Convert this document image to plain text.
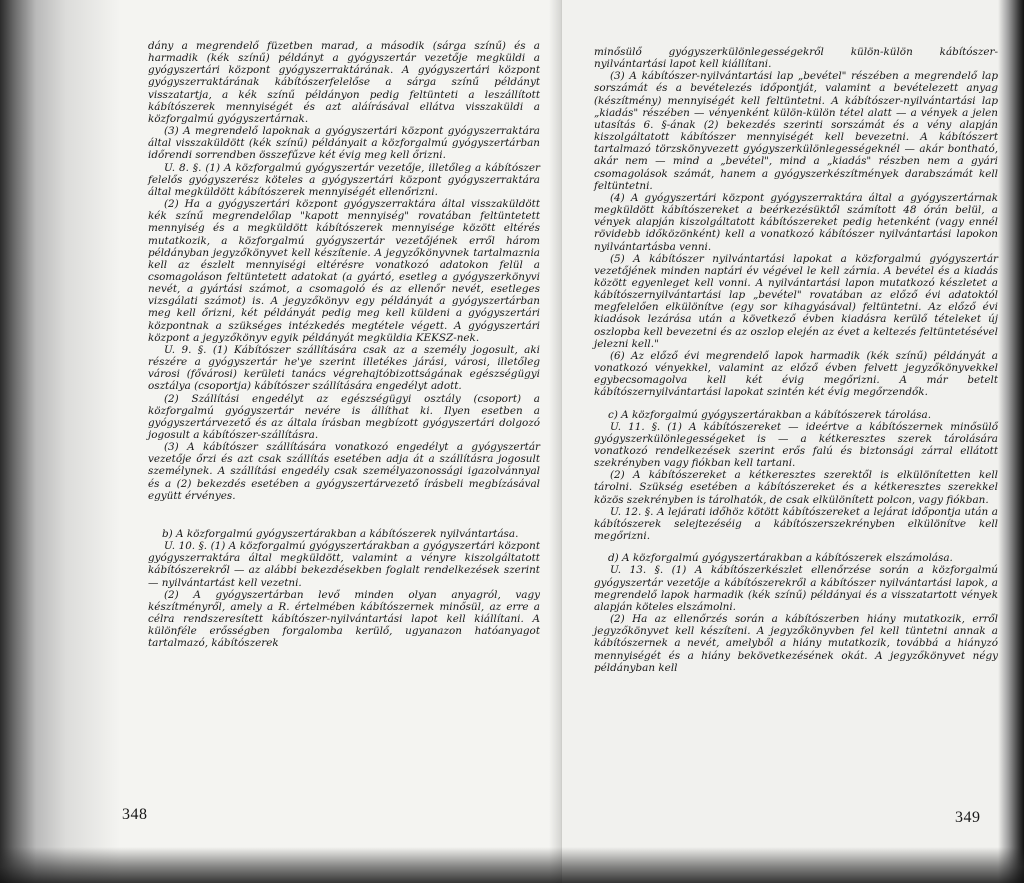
dány a megrendelő füzetben marad, a második (sárga színű) és a harmadik (kék színű) példányt a gyógyszertár vezetője megküldi a gyógyszertári központ gyógyszerraktárának. A gyógyszertári központ gyógyszerraktárának kábítószerfelelőse a sárga színű példányt visszatartja, a kék színű példányon pedig feltünteti a leszállított kábítószerek mennyiségét és azt aláírásával ellátva visszaküldi a közforgalmú gyógyszertárnak.

(3) A megrendelő lapoknak a gyógyszertári központ gyógyszerraktára által visszaküldött (kék színű) példányait a közforgalmú gyógyszertárban időrendi sorrendben összefűzve két évig meg kell őrizni.

U. 8. §. (1) A közforgalmú gyógyszertár vezetője, illetőleg a kábítószer felelős gyógyszerész köteles a gyógyszertári központ gyógyszerraktára által megküldött kábítószerek mennyiségét ellenőrizni.

(2) Ha a gyógyszertári központ gyógyszerraktára által visszaküldött kék színű megrendelőlap "kapott mennyiség" rovatában feltüntetett mennyiség és a megküldött kábítószerek mennyisége között eltérés mutatkozik, a közforgalmú gyógyszertár vezetőjének erről három példányban jegyzőkönyvet kell készítenie. A jegyzőkönyvnek tartalmaznia kell az észlelt mennyiségi eltérésre vonatkozó adatokon felül a csomagoláson feltüntetett adatokat (a gyártó, esetleg a gyógyszerkönyvi nevét, a gyártási számot, a csomagoló és az ellenőr nevét, esetleges vizsgálati számot) is. A jegyzőkönyv egy példányát a gyógyszertárban meg kell őrizni, két példányát pedig meg kell küldeni a gyógyszertári központnak a szükséges intézkedés megtétele végett. A gyógyszertári központ a jegyzőkönyv egyik példányát megküldia KEKSZ-nek.

U. 9. §. (1) Kábítószer szállítására csak az a személy jogosult, aki részére a gyógyszertár he'ye szerint illetékes járási, városi, illetőleg városi (fővárosi) kerületi tanács végrehajtóbizottságának egészségügyi osztálya (csoportja) kábítószer szállítására engedélyt adott.

(2) Szállítási engedélyt az egészségügyi osztály (csoport) a közforgalmú gyógyszertár nevére is állíthat ki. Ilyen esetben a gyógyszertárvezető és az általa írásban megbízott gyógyszertári dolgozó jogosult a kábítószer-szállításra.

(3) A kábítószer szállítására vonatkozó engedélyt a gyógyszertár vezetője őrzi és azt csak szállítás esetében adja át a szállításra jogosult személynek. A szállítási engedély csak személyazonossági igazolvánnyal és a (2) bekezdés esetében a gyógyszertárvezető írásbeli megbízásával együtt érvényes.

b) A közforgalmú gyógyszertárakban a kábítószerek nyilvántartása.

U. 10. §. (1) A közforgalmú gyógyszertárakban a gyógyszertári központ gyógyszerraktára által megküldött, valamint a vényre kiszolgáltatott kábítószerekről — az alábbi bekezdésekben foglalt rendelkezések szerint — nyilvántartást kell vezetni.

(2) A gyógyszertárban levő minden olyan anyagról, vagy készítményről, amely a R. értelmében kábítószernek minősül, az erre a célra rendszeresített kábítószer-nyilvántartási lapot kell kiállítani. A különféle erősségben forgalomba kerülő, ugyanazon hatóanyagot tartalmazó, kábítószerek

348

minősülő gyógyszerkülönlegességekről külön-külön kábítószer-nyilvántartási lapot kell kiállítani.

(3) A kábítószer-nyilvántartási lap „bevétel" részében a megrendelő lap sorszámát és a bevételezés időpontját, valamint a bevételezett anyag (készítmény) mennyiségét kell feltüntetni. A kábítószer-nyilvántartási lap „kiadás" részében — vényenként külön-külön tétel alatt — a vények a jelen utasítás 6. §-ának (2) bekezdés szerinti sorszámát és a vény alapján kiszolgáltatott kábítószer mennyiségét kell bevezetni. A kábítószert tartalmazó törzskönyvezett gyógyszerkülönlegességeknél — akár bontható, akár nem — mind a „bevétel", mind a „kiadás" részben nem a gyári csomagolások számát, hanem a gyógyszerkészítmények darabszámát kell feltüntetni.

(4) A gyógyszertári központ gyógyszerraktára által a gyógyszertárnak megküldött kábítószereket a beérkezésüktől számított 48 órán belül, a vények alapján kiszolgáltatott kábítószereket pedig hetenként (vagy ennél rövidebb időközönként) kell a vonatkozó kábítószer nyilvántartási lapokon nyilvántartásba venni.

(5) A kábítószer nyilvántartási lapokat a közforgalmú gyógyszertár vezetőjének minden naptári év végével le kell zárnia. A bevétel és a kiadás között egyenleget kell vonni. A nyilvántartási lapon mutatkozó készletet a kábítószernyilvántartási lap „bevétel" rovatában az előző évi adatoktól megfelelően elkülönítve (egy sor kihagyásával) feltüntetni. Az előző évi kiadások lezárása után a következő évben kiadásra kerülő tételeket új oszlopba kell bevezetni és az oszlop elején az évet a keltezés feltüntetésével jelezni kell."

(6) Az előző évi megrendelő lapok harmadik (kék színű) példányát a vonatkozó vényekkel, valamint az előző évben felvett jegyzőkönyvekkel egybecsomagolva kell két évig megőrizni. A már betelt kábítószernyilvántartási lapokat szintén két évig megőrzendők.

c) A közforgalmú gyógyszertárakban a kábítószerek tárolása.

U. 11. §. (1) A kábítószereket — ideértve a kábítószernek minősülő gyógyszerkülönlegességeket is — a kétkeresztes szerek tárolására vonatkozó rendelkezések szerint erős falú és biztonsági zárral ellátott szekrényben vagy fiókban kell tartani.

(2) A kábítószereket a kétkeresztes szerektől is elkülönítetten kell tárolni. Szükség esetében a kábítószereket és a kétkeresztes szerekkel közös szekrényben is tárolhatók, de csak elkülönített polcon, vagy fiókban.

U. 12. §. A lejárati időhöz kötött kábítószereket a lejárat időpontja után a kábítószerek selejtezéséig a kábítószerszekrényben elkülönítve kell megőrizni.

d) A közforgalmú gyógyszertárakban a kábítószerek elszámolása.

U. 13. §. (1) A kábítószerkészlet ellenőrzése során a közforgalmú gyógyszertár vezetője a kábítószerekről a kábítószer nyilvántartási lapok, a megrendelő lapok harmadik (kék színű) példányai és a visszatartott vények alapján köteles elszámolni.

(2) Ha az ellenőrzés során a kábítószerben hiány mutatkozik, erről jegyzőkönyvet kell készíteni. A jegyzőkönyvben fel kell tüntetni annak a kábítószernek a nevét, amelyből a hiány mutatkozik, továbbá a hiányzó mennyiségét és a hiány bekövetkezésének okát. A jegyzőkönyvet négy példányban kell

349
